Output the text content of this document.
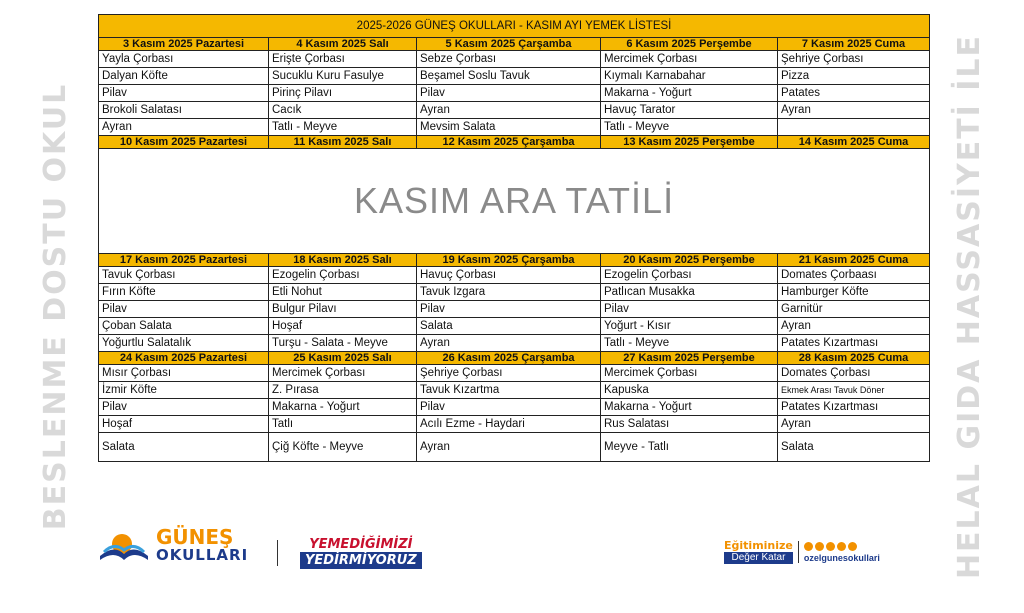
BESLENME DOSTU OKUL	HELAL GIDA HASSASİYETİ İLE
2025-2026 GÜNEŞ OKULLARI - KASIM AYI YEMEK LİSTESİ				
3 Kasım 2025 Pazartesi	4 Kasım 2025 Salı	5 Kasım 2025 Çarşamba	6 Kasım 2025 Perşembe	7 Kasım 2025 Cuma
Yayla Çorbası	Erişte Çorbası	Sebze Çorbası	Mercimek Çorbası	Şehriye Çorbası
Dalyan Köfte	Sucuklu Kuru Fasulye	Beşamel Soslu Tavuk	Kıymalı Karnabahar	Pizza
Pilav	Pirinç Pilavı	Pilav	Makarna - Yoğurt	Patates
Brokoli Salatası	Cacık	Ayran	Havuç Tarator	Ayran
Ayran	Tatlı - Meyve	Mevsim Salata	Tatlı - Meyve	
10 Kasım 2025 Pazartesi	11 Kasım 2025 Salı	12 Kasım 2025 Çarşamba	13 Kasım 2025 Perşembe	14 Kasım 2025 Cuma
KASIM ARA TATİLİ				
17 Kasım 2025 Pazartesi	18 Kasım 2025 Salı	19 Kasım 2025 Çarşamba	20 Kasım 2025 Perşembe	21 Kasım 2025 Cuma
Tavuk Çorbası	Ezogelin Çorbası	Havuç Çorbası	Ezogelin Çorbası	Domates Çorbaası
Fırın Köfte	Etli Nohut	Tavuk Izgara	Patlıcan Musakka	Hamburger Köfte
Pilav	Bulgur Pilavı	Pilav	Pilav	Garnitür
Çoban Salata	Hoşaf	Salata	Yoğurt - Kısır	Ayran
Yoğurtlu Salatalık	Turşu - Salata - Meyve	Ayran	Tatlı - Meyve	Patates Kızartması
24 Kasım 2025 Pazartesi	25 Kasım 2025 Salı	26 Kasım 2025 Çarşamba	27 Kasım 2025 Perşembe	28 Kasım 2025 Cuma
Mısır Çorbası	Mercimek Çorbası	Şehriye Çorbası	Mercimek Çorbası	Domates Çorbası
İzmir Köfte	Z. Pırasa	Tavuk Kızartma	Kapuska	Ekmek Arası Tavuk Döner
Pilav	Makarna - Yoğurt	Pilav	Makarna - Yoğurt	Patates Kızartması
Hoşaf	Tatlı	Acılı Ezme - Haydari	Rus Salatası	Ayran
Salata	Çiğ Köfte - Meyve	Ayran	Meyve - Tatlı	Salata
GÜNEŞ
OKULLARI
YEMEDİĞİMİZİ
YEDİRMİYORUZ
Eğitiminize
Değer Katar	ozelgunesokullari
